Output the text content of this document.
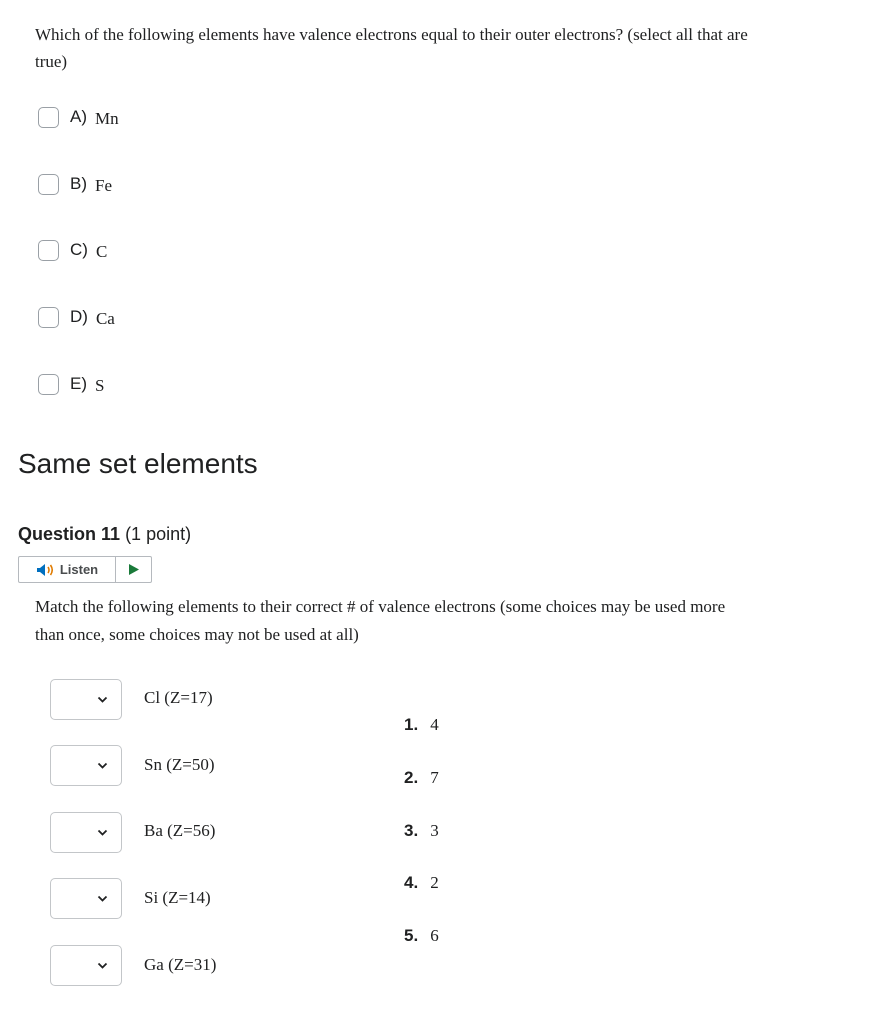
Which of the following elements have valence electrons equal to their outer electrons? (select all that are true)
A) Mn
B) Fe
C) C
D) Ca
E) S
Same set elements
Question 11 (1 point)
Listen
Match the following elements to their correct # of valence electrons (some choices may be used more than once, some choices may not be used at all)
Cl (Z=17)
Sn (Z=50)
Ba (Z=56)
Si (Z=14)
Ga (Z=31)
1. 4
2. 7
3. 3
4. 2
5. 6
